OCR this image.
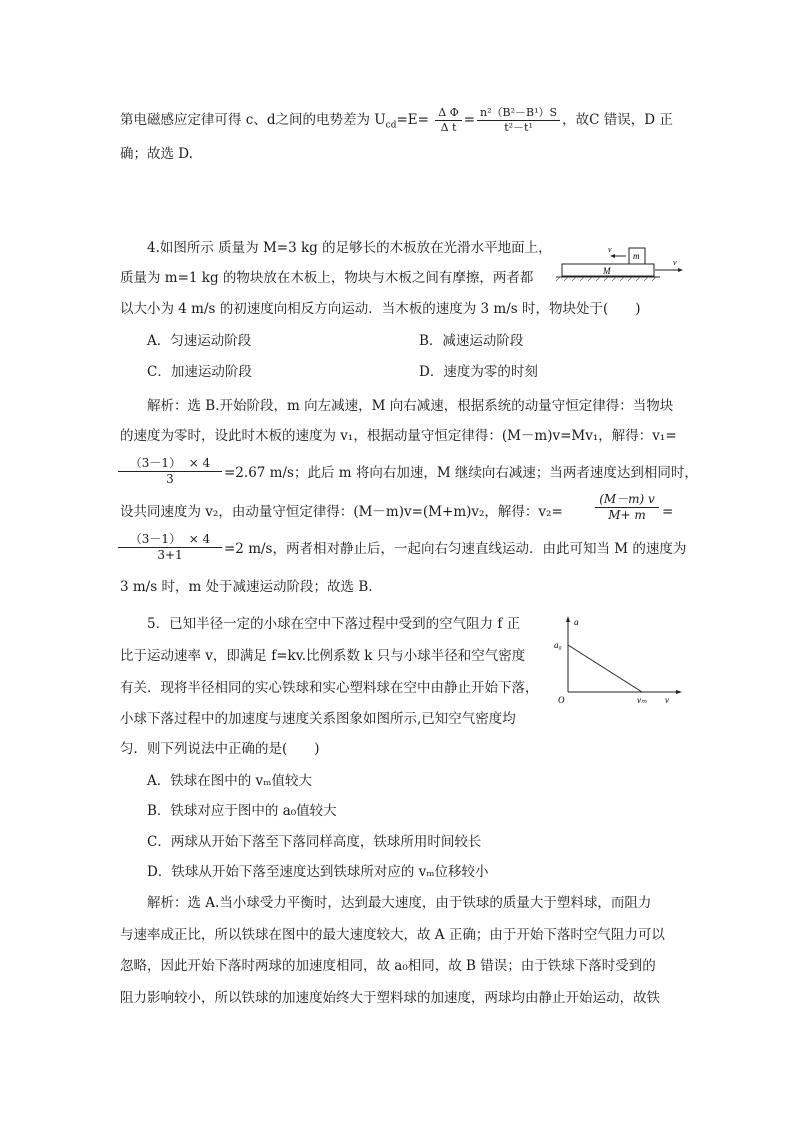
第电磁感应定律可得 c、d之间的电势差为 $U_{cd}=E= \frac{\text{Δ Φ}}{\text{Δ t}} = \frac{\text{n²（B²－B¹）S}}{\text{t²－t¹}}$ ，故C 错误，D 正
确；故选 D.
4.如图所示 质量为 M=3 kg 的足够长的木板放在光滑水平地面上，
质量为 m=1 kg 的物块放在木板上，物块与木板之间有摩擦，两者都
以大小为 4 m/s 的初速度向相反方向运动．当木板的速度为 3 m/s 时，物块处于(　　)
M
m
v
v
A．匀速运动阶段	B．减速运动阶段
C．加速运动阶段	D．速度为零的时刻
解析：选 B.开始阶段，m 向左减速，M 向右减速，根据系统的动量守恒定律得：当物块
的速度为零时，设此时木板的速度为 v₁，根据动量守恒定律得：(M－m)v=Mv₁，解得：v₁=
$\frac{(3-1) \times 4}{3} =2.67$ m/s；此后 m 将向右加速，M 继续向右减速；当两者速度达到相同时，
设共同速度为 v₂，由动量守恒定律得：(M－m)v=(M+m)v₂，解得：v₂=	$\frac{(M-m) v}{M+ m}$ =
$\frac{(3-1) \times 4}{3+1} =2$ m/s，两者相对静止后，一起向右匀速直线运动．由此可知当 M 的速度为
3 m/s 时，m 处于减速运动阶段；故选 B.
5．已知半径一定的小球在空中下落过程中受到的空气阻力 f 正
比于运动速率 v，即满足 f=kv.比例系数 k 只与小球半径和空气密度
有关．现将半径相同的实心铁球和实心塑料球在空中由静止开始下落，
小球下落过程中的加速度与速度关系图象如图所示,已知空气密度均
匀．则下列说法中正确的是(　　)
a
a₀
O	vₘ v
A．铁球在图中的 vₘ值较大
B．铁球对应于图中的 a₀值较大
C．两球从开始下落至下落同样高度，铁球所用时间较长
D．铁球从开始下落至速度达到铁球所对应的 vₘ位移较小
解析：选 A.当小球受力平衡时，达到最大速度，由于铁球的质量大于塑料球，而阻力
与速率成正比，所以铁球在图中的最大速度较大，故 A 正确；由于开始下落时空气阻力可以
忽略，因此开始下落时两球的加速度相同，故 a₀相同，故 B 错误；由于铁球下落时受到的
阻力影响较小，所以铁球的加速度始终大于塑料球的加速度，两球均由静止开始运动，故铁
